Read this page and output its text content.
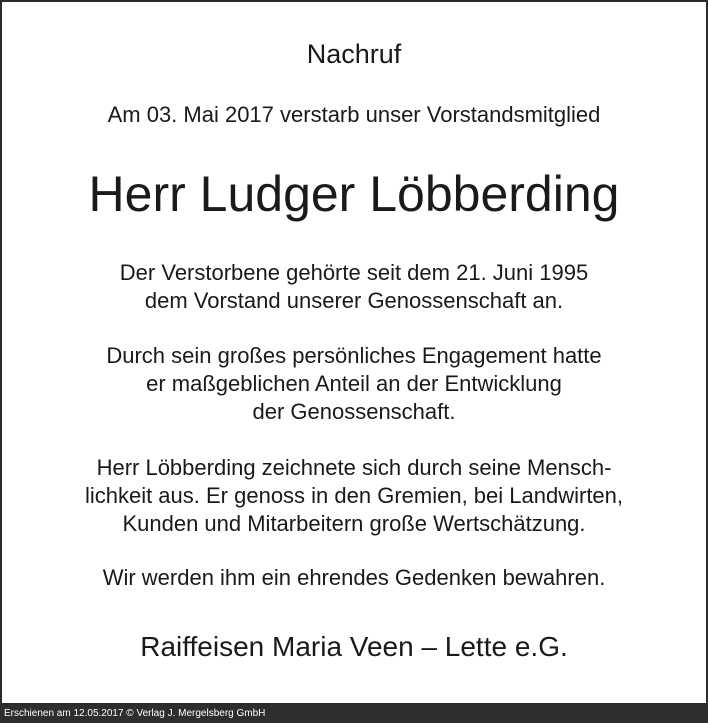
Nachruf
Am 03. Mai 2017 verstarb unser Vorstandsmitglied
Herr Ludger Löbberding
Der Verstorbene gehörte seit dem 21. Juni 1995
dem Vorstand unserer Genossenschaft an.
Durch sein großes persönliches Engagement hatte
er maßgeblichen Anteil an der Entwicklung
der Genossenschaft.
Herr Löbberding zeichnete sich durch seine Mensch-
lichkeit aus. Er genoss in den Gremien, bei Landwirten,
Kunden und Mitarbeitern große Wertschätzung.
Wir werden ihm ein ehrendes Gedenken bewahren.
Raiffeisen Maria Veen – Lette e.G.
Erschienen am 12.05.2017 © Verlag J. Mergelsberg GmbH
